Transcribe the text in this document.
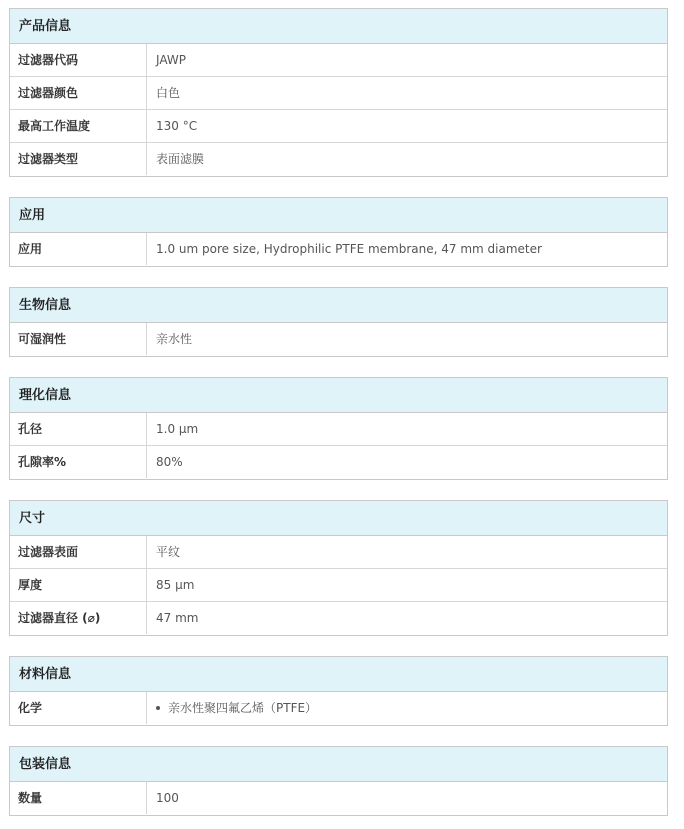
产品信息
过滤器代码	JAWP
过滤器颜色	白色
最高工作温度	130 °C
过滤器类型	表面滤膜
应用
应用	1.0 um pore size, Hydrophilic PTFE membrane, 47 mm diameter
生物信息
可湿润性	亲水性
理化信息
孔径	1.0 µm
孔隙率%	80%
尺寸
过滤器表面	平纹
厚度	85 µm
过滤器直径 (⌀)	47 mm
材料信息
化学	亲水性聚四氟乙烯（PTFE）
包装信息
数量	100
